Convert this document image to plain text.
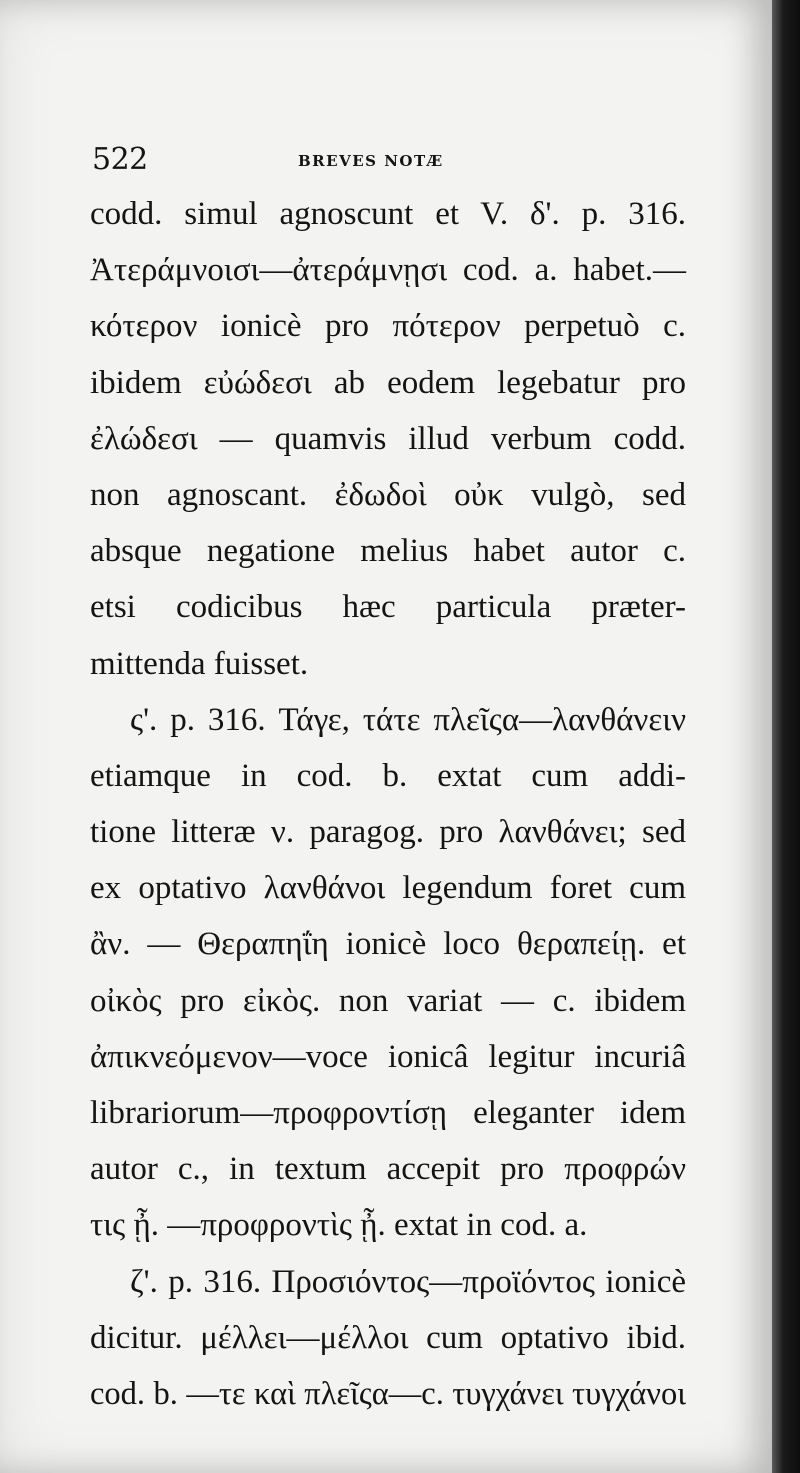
522	BREVES NOTÆ
codd. simul agnoscunt et V. δ'. p. 316.
Ἀτεράμνοισι—ἀτεράμνῃσι cod. a. habet.—
κότερον ionicè pro πότερον perpetuò c.
ibidem εὐώδεσι ab eodem legebatur pro
ἐλώδεσι — quamvis illud verbum codd.
non agnoscant. ἐδωδοὶ οὐκ vulgò, sed
absque negatione melius habet autor c.
etsi codicibus hæc particula præter-
mittenda fuisset.
ς'. p. 316. Τάγε, τάτε πλεῖςα—λανθάνειν
etiamque in cod. b. extat cum addi-
tione litteræ ν. paragog. pro λανθάνει; sed
ex optativo λανθάνοι legendum foret cum
ἂν. — Θεραπηΐη ionicè loco θεραπείῃ. et
οἰκὸς pro εἰκὸς. non variat — c. ibidem
ἀπικνεόμενον—voce ionicâ legitur incuriâ
librariorum—προφροντίσῃ eleganter idem
autor c., in textum accepit pro προφρών
τις ᾖ. —προφροντὶς ᾖ. extat in cod. a.
ζ'. p. 316. Προσιόντος—προϊόντος ionicè
dicitur. μέλλει—μέλλοι cum optativo ibid.
cod. b. —τε καὶ πλεῖςα—c. τυγχάνει τυγχάνοι
